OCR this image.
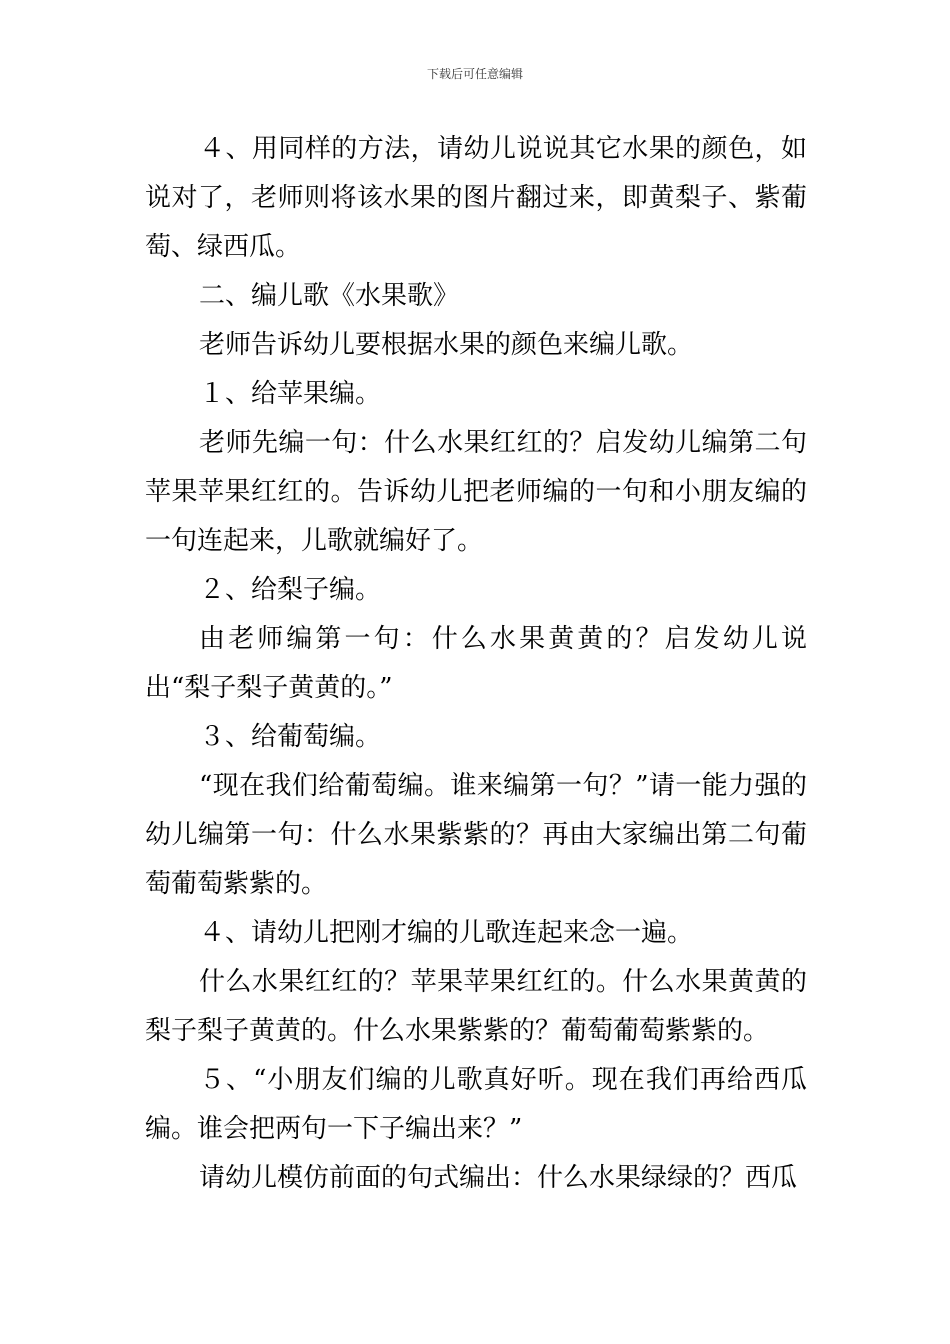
下载后可任意编辑

４、用同样的方法，请幼儿说说其它水果的颜色，如说对了，老师则将该水果的图片翻过来，即黄梨子、紫葡萄、绿西瓜。

二、编儿歌《水果歌》

老师告诉幼儿要根据水果的颜色来编儿歌。

１、给苹果编。

老师先编一句：什么水果红红的？启发幼儿编第二句苹果苹果红红的。告诉幼儿把老师编的一句和小朋友编的一句连起来，儿歌就编好了。

２、给梨子编。

由老师编第一句：什么水果黄黄的？启发幼儿说出“梨子梨子黄黄的。”

３、给葡萄编。

“现在我们给葡萄编。谁来编第一句？”请一能力强的幼儿编第一句：什么水果紫紫的？再由大家编出第二句葡萄葡萄紫紫的。

４、请幼儿把刚才编的儿歌连起来念一遍。

什么水果红红的？苹果苹果红红的。什么水果黄黄的梨子梨子黄黄的。什么水果紫紫的？葡萄葡萄紫紫的。

５、“小朋友们编的儿歌真好听。现在我们再给西瓜编。谁会把两句一下子编出来？”

请幼儿模仿前面的句式编出：什么水果绿绿的？西瓜
